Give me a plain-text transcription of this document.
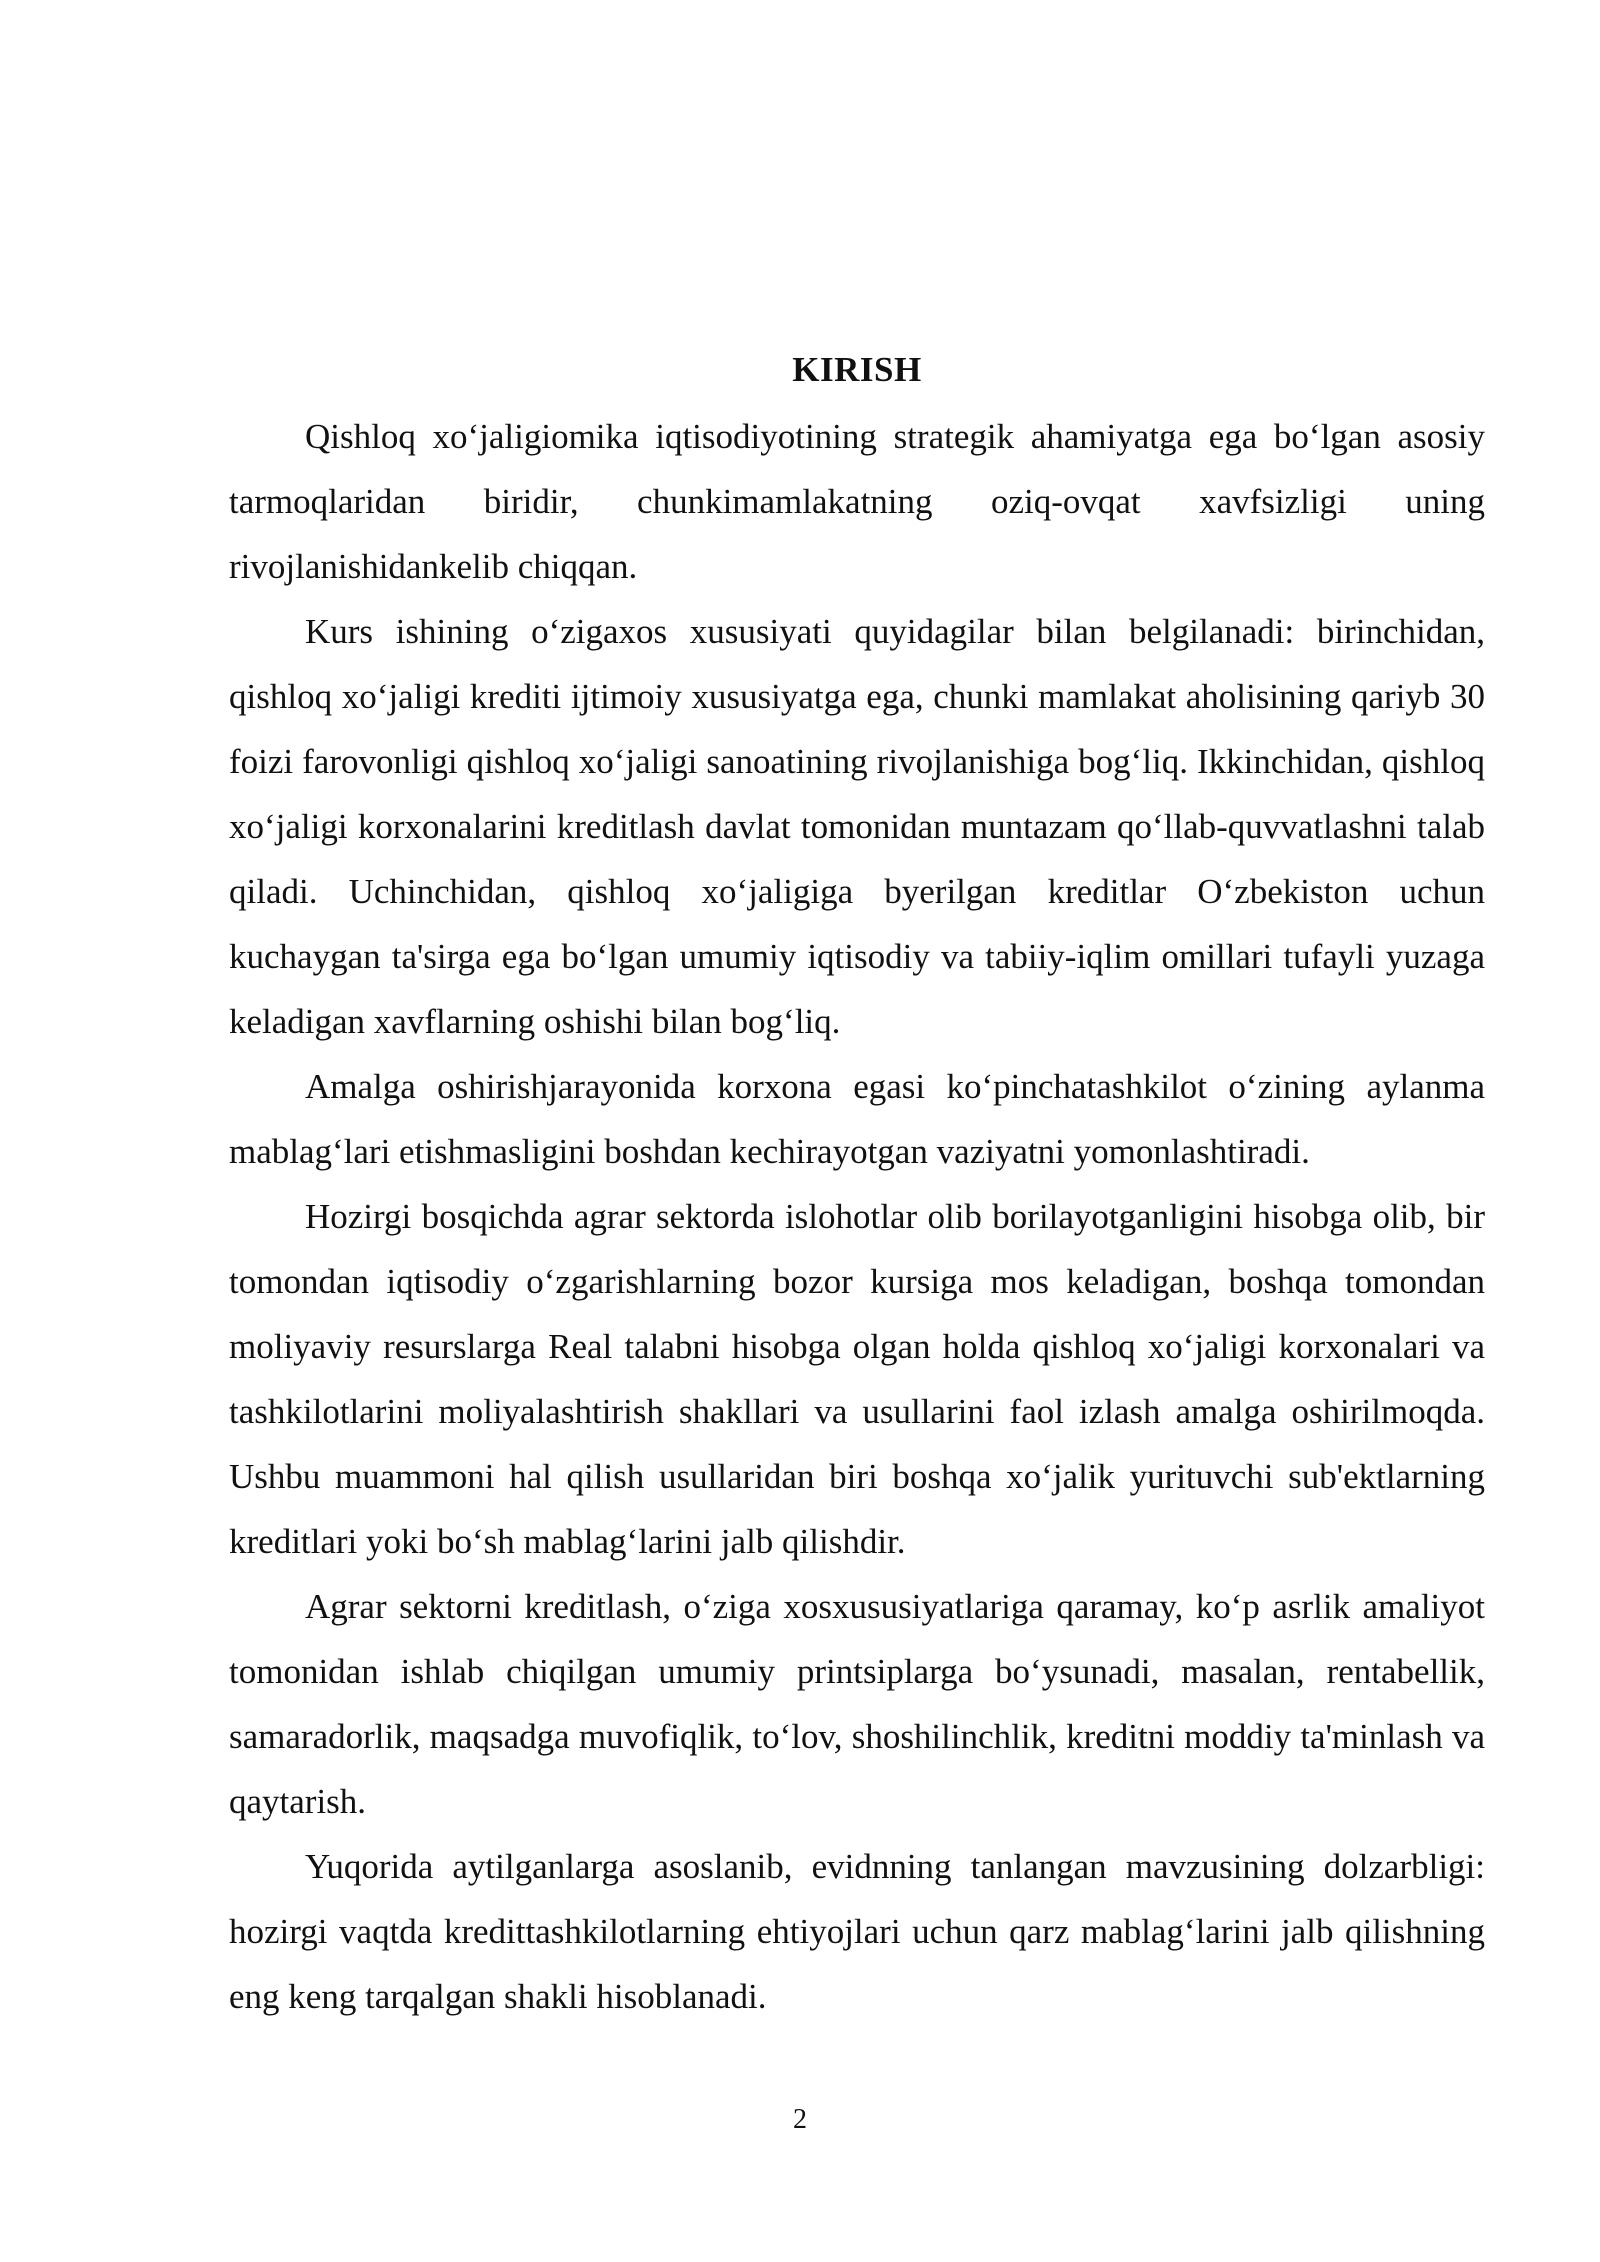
KIRISH

Qishloq xo‘jaligiomika iqtisodiyotining strategik ahamiyatga ega bo‘lgan asosiy tarmoqlaridan biridir, chunkimamlakatning oziq-ovqat xavfsizligi uning rivojlanishidankelib chiqqan.

Kurs ishining o‘zigaxos xususiyati quyidagilar bilan belgilanadi: birinchidan, qishloq xo‘jaligi krediti ijtimoiy xususiyatga ega, chunki mamlakat aholisining qariyb 30 foizi farovonligi qishloq xo‘jaligi sanoatining rivojlanishiga bog‘liq. Ikkinchidan, qishloq xo‘jaligi korxonalarini kreditlash davlat tomonidan muntazam qo‘llab-quvvatlashni talab qiladi. Uchinchidan, qishloq xo‘jaligiga byerilgan kreditlar O‘zbekiston uchun kuchaygan ta'sirga ega bo‘lgan umumiy iqtisodiy va tabiiy-iqlim omillari tufayli yuzaga keladigan xavflarning oshishi bilan bog‘liq.

Amalga oshirishjarayonida korxona egasi ko‘pinchatashkilot o‘zining aylanma mablag‘lari etishmasligini boshdan kechirayotgan vaziyatni yomonlashtiradi.

Hozirgi bosqichda agrar sektorda islohotlar olib borilayotganligini hisobga olib, bir tomondan iqtisodiy o‘zgarishlarning bozor kursiga mos keladigan, boshqa tomondan moliyaviy resurslarga Real talabni hisobga olgan holda qishloq xo‘jaligi korxonalari va tashkilotlarini moliyalashtirish shakllari va usullarini faol izlash amalga oshirilmoqda. Ushbu muammoni hal qilish usullaridan biri boshqa xo‘jalik yurituvchi sub'ektlarning kreditlari yoki bo‘sh mablag‘larini jalb qilishdir.

Agrar sektorni kreditlash, o‘ziga xosxususiyatlariga qaramay, ko‘p asrlik amaliyot tomonidan ishlab chiqilgan umumiy printsiplarga bo‘ysunadi, masalan, rentabellik, samaradorlik, maqsadga muvofiqlik, to‘lov, shoshilinchlik, kreditni moddiy ta'minlash va qaytarish.

Yuqorida aytilganlarga asoslanib, evidnning tanlangan mavzusining dolzarbligi: hozirgi vaqtda kredittashkilotlarning ehtiyojlari uchun qarz mablag‘larini jalb qilishning eng keng tarqalgan shakli hisoblanadi.

2
